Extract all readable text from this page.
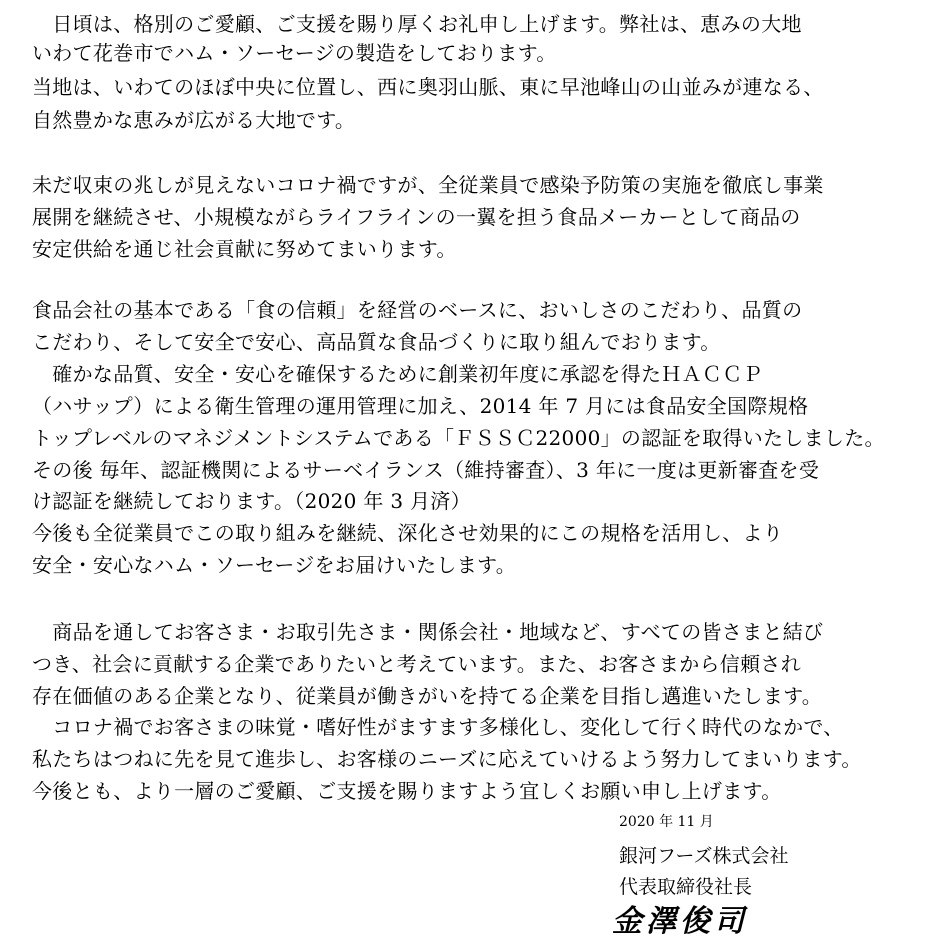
　日頃は、格別のご愛顧、ご支援を賜り厚くお礼申し上げます。弊社は、恵みの大地
いわて花巻市でハム・ソーセージの製造をしております。
当地は、いわてのほぼ中央に位置し、西に奥羽山脈、東に早池峰山の山並みが連なる、
自然豊かな恵みが広がる大地です。
未だ収束の兆しが見えないコロナ禍ですが、全従業員で感染予防策の実施を徹底し事業
展開を継続させ、小規模ながらライフラインの一翼を担う食品メーカーとして商品の
安定供給を通じ社会貢献に努めてまいります。
食品会社の基本である「食の信頼」を経営のベースに、おいしさのこだわり、品質の
こだわり、そして安全で安心、高品質な食品づくりに取り組んでおります。
　確かな品質、安全・安心を確保するために創業初年度に承認を得たＨＡＣＣＰ
（ハサップ）による衛生管理の運用管理に加え、2014 年 7 月には食品安全国際規格
トップレベルのマネジメントシステムである「ＦＳＳＣ22000」の認証を取得いたしました。
その後 毎年、認証機関によるサーベイランス（維持審査）、3 年に一度は更新審査を受
け認証を継続しております。（2020 年 3 月済）
今後も全従業員でこの取り組みを継続、深化させ効果的にこの規格を活用し、より
安全・安心なハム・ソーセージをお届けいたします。
　商品を通してお客さま・お取引先さま・関係会社・地域など、すべての皆さまと結び
つき、社会に貢献する企業でありたいと考えています。また、お客さまから信頼され
存在価値のある企業となり、従業員が働きがいを持てる企業を目指し邁進いたします。
　コロナ禍でお客さまの味覚・嗜好性がますます多様化し、変化して行く時代のなかで、
私たちはつねに先を見て進歩し、お客様のニーズに応えていけるよう努力してまいります。
今後とも、より一層のご愛顧、ご支援を賜りますよう宜しくお願い申し上げます。
2020 年 11 月
銀河フーズ株式会社
代表取締役社長
金澤俊司
